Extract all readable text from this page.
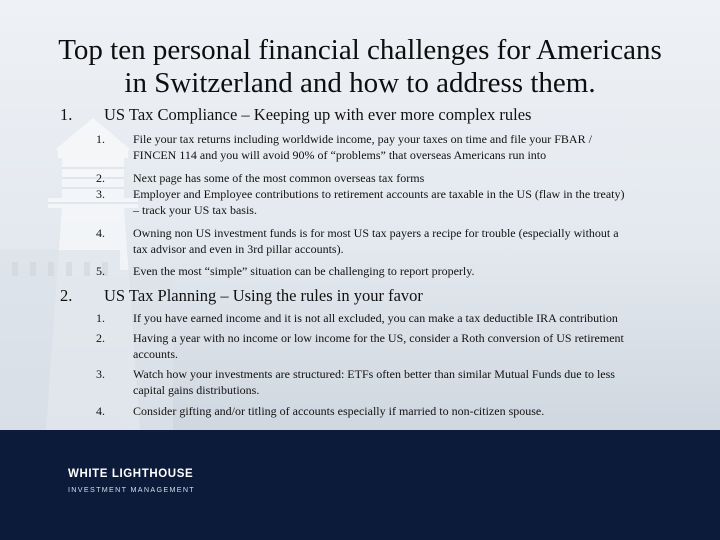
Top ten personal financial challenges for Americans
in Switzerland and how to address them.
1. US Tax Compliance – Keeping up with ever more complex rules
1. File your tax returns including worldwide income, pay your taxes on time and file your FBAR /
FINCEN 114 and you will avoid 90% of “problems” that overseas Americans run into
2. Next page has some of the most common overseas tax forms
3. Employer and Employee contributions to retirement accounts are taxable in the US (flaw in the treaty)
– track your US tax basis.
4. Owning non US investment funds is for most US tax payers a recipe for trouble (especially without a
tax advisor and even in 3rd pillar accounts).
5. Even the most “simple” situation can be challenging to report properly.
2. US Tax Planning – Using the rules in your favor
1. If you have earned income and it is not all excluded, you can make a tax deductible IRA contribution
2. Having a year with no income or low income for the US, consider a Roth conversion of US retirement
accounts.
3. Watch how your investments are structured: ETFs often better than similar Mutual Funds due to less
capital gains distributions.
4. Consider gifting and/or titling of accounts especially if married to non-citizen spouse.
WHITE LIGHTHOUSE
INVESTMENT MANAGEMENT
